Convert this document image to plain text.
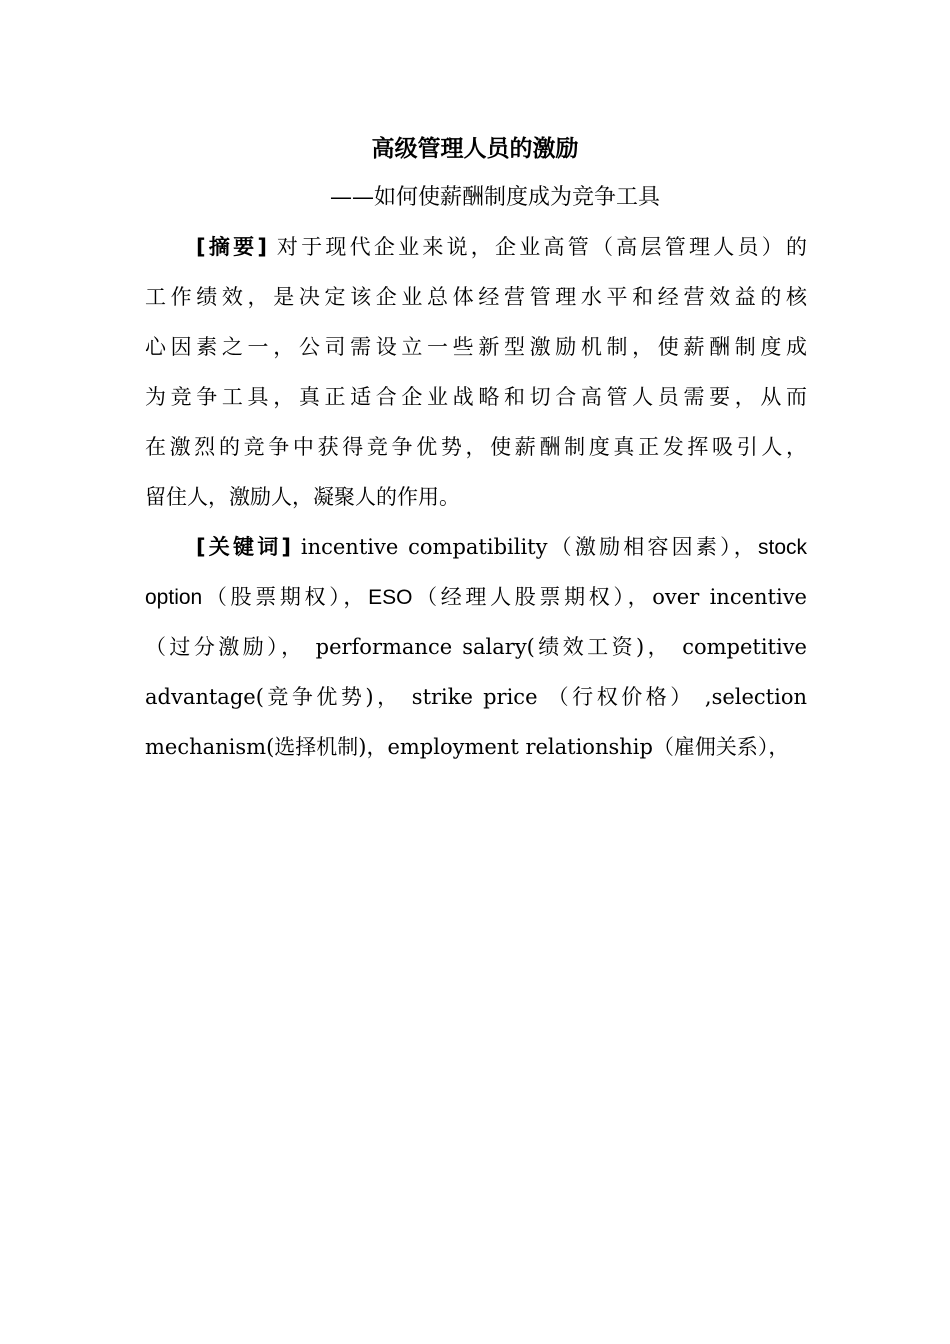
高级管理人员的激励
——如何使薪酬制度成为竞争工具
[摘要] 对于现代企业来说，企业高管（高层管理人员）的
工作绩效，是决定该企业总体经营管理水平和经营效益的核
心因素之一，公司需设立一些新型激励机制，使薪酬制度成
为竞争工具，真正适合企业战略和切合高管人员需要，从而
在激烈的竞争中获得竞争优势，使薪酬制度真正发挥吸引人，
留住人，激励人，凝聚人的作用。
[关键词] incentive compatibility（激励相容因素），stock
option（股票期权），ESO（经理人股票期权），over incentive
（过分激励）， performance salary(绩效工资)， competitive
advantage(竞争优势)， strike price （行权价格） ,selection
mechanism(选择机制)，employment relationship（雇佣关系），
